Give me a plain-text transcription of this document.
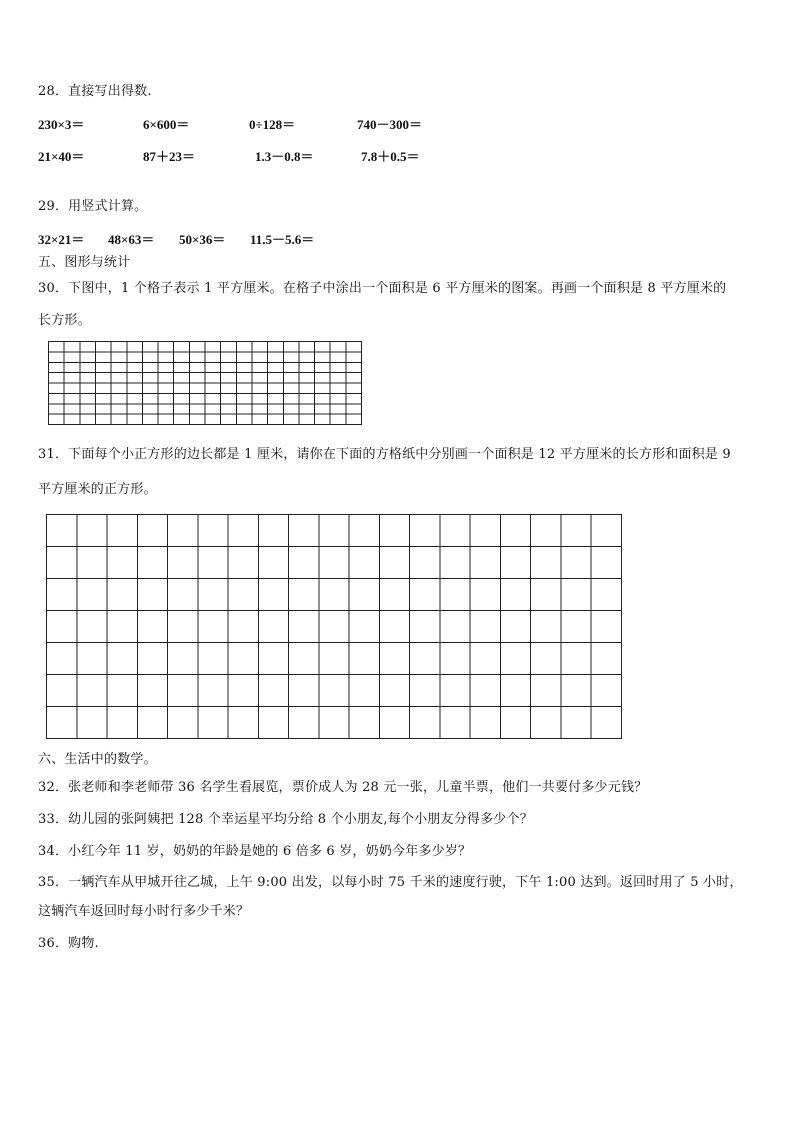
28．直接写出得数.
230×3＝	6×600＝	0÷128＝	740－300＝
21×40＝	87＋23＝	1.3－0.8＝	7.8＋0.5＝
29．用竖式计算。
32×21＝ 48×63＝ 50×36＝ 11.5－5.6＝
五、图形与统计
30．下图中，1 个格子表示 1 平方厘米。在格子中涂出一个面积是 6 平方厘米的图案。再画一个面积是 8 平方厘米的
长方形。
31．下面每个小正方形的边长都是 1 厘米，请你在下面的方格纸中分别画一个面积是 12 平方厘米的长方形和面积是 9
平方厘米的正方形。
六、生活中的数学。
32．张老师和李老师带 36 名学生看展览，票价成人为 28 元一张，儿童半票，他们一共要付多少元钱？
33．幼儿园的张阿姨把 128 个幸运星平均分给 8 个小朋友,每个小朋友分得多少个？
34．小红今年 11 岁，奶奶的年龄是她的 6 倍多 6 岁，奶奶今年多少岁？
35．一辆汽车从甲城开往乙城，上午 9:00 出发，以每小时 75 千米的速度行驶，下午 1:00 达到。返回时用了 5 小时，
这辆汽车返回时每小时行多少千米？
36．购物.
